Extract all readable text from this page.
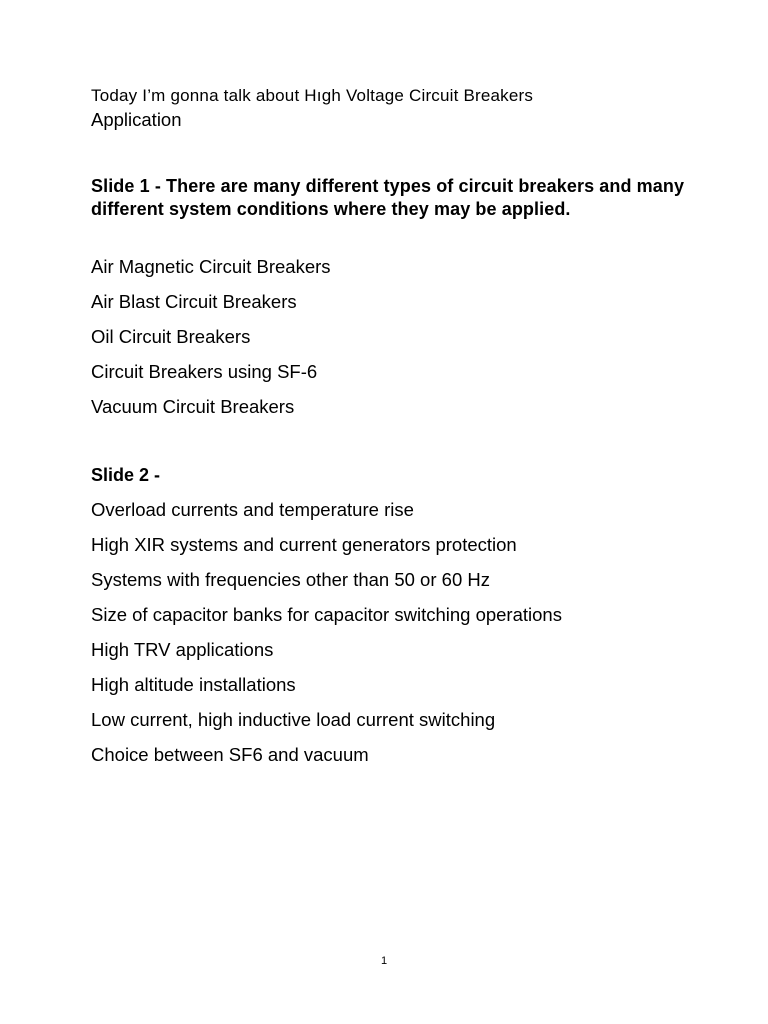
Today I’m gonna talk about Hıgh Voltage Circuit Breakers
Application
Slide 1 - There are many different types of circuit breakers and many different system conditions where they may be applied.
Air Magnetic Circuit Breakers
Air Blast Circuit Breakers
Oil Circuit Breakers
Circuit Breakers using SF-6
Vacuum Circuit Breakers
Slide 2 -
Overload currents and temperature rise
High XIR systems and current generators protection
Systems with frequencies other than 50 or 60 Hz
Size of capacitor banks for capacitor switching operations
High TRV applications
High altitude installations
Low current, high inductive load current switching
Choice between SF6 and vacuum
1
